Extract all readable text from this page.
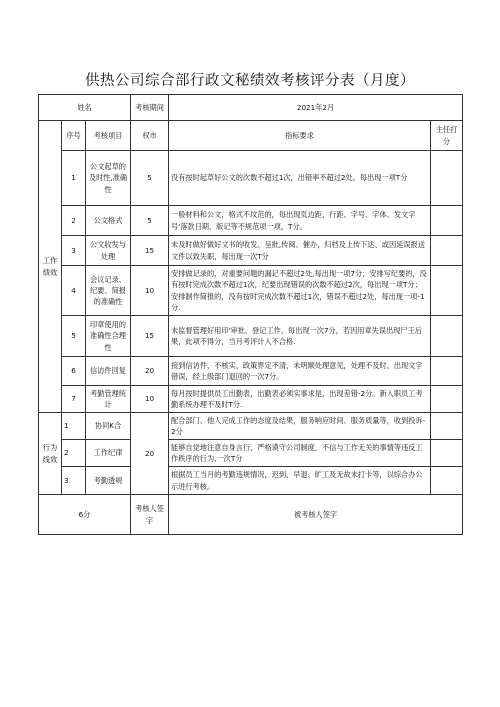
供热公司综合部行政文秘绩效考核评分表（月度）
姓名			考核期间	2021年2月	
工作绩效	序号	考核项目	权市	指标要求	主任打分
	1	公文起草的及时性,准确性	5	没有按时起草好公文的次数不超过1次，出错率不超过2处。每出现一项T分	
	2	公文格式	5	一般材料和公文，格式不坟范的，每出现页边距、行距、字号、字体、发文字号'落款日期、版记等不规范项一项，T分。	
	3	公文收发与处理	15	未及时做好做好文书的收发、呈批,传阅、催办，归档及上传下达、或因延误报送文件以致失职，每出现一次T分	
	4	会议记录、纪要、简报的准确性	10	安排做记录的，对重要问题的漏记不超过2处,每出现一项7分；安排写纪要的，没有按时完成次数不超过1次，纪要出现错误的次数不超过2次，每出现一项T分；安排制作简报的，没有按时完成次数不超过1次，错误不超过2处，每出现一项-1分.	
	5	印章使用的准确性合理性	15	未监督管理好用印'审批、登记工作，每出现一次7分，若因用章失误出现尸王后果，此项不得分，当月考评计入不合格.	
	6	信访件回复	20	接到信访件，不核实，政策界定不清，未明顺处理意见，处理不及时、出现文字错误，经上级部门退回的一次7分。	
	7	考勤管理统计	10	每月按时提供员工出勤表，出勤表必须实事求是，出现差错-2分。新入职员工考勤系统办理不及时T分.	
行为线效	1	协同K合	20	配合部门、他人完成工作的态度及结果，服务响应时间、服务质量等，收到投诉-2分	
	2	工作纪律		能够自觉地注意自身言行，严格谟守公司制度，不信与工作无关的事情等违反工作秩序的行为,一次T分	
	3	考勤透规		根据员工当月的考勤违规情况，迟到、早退、旷工及无故未打卡等，以综合办公示进行考核。	
6分			考核人签字	被考核人签字	
